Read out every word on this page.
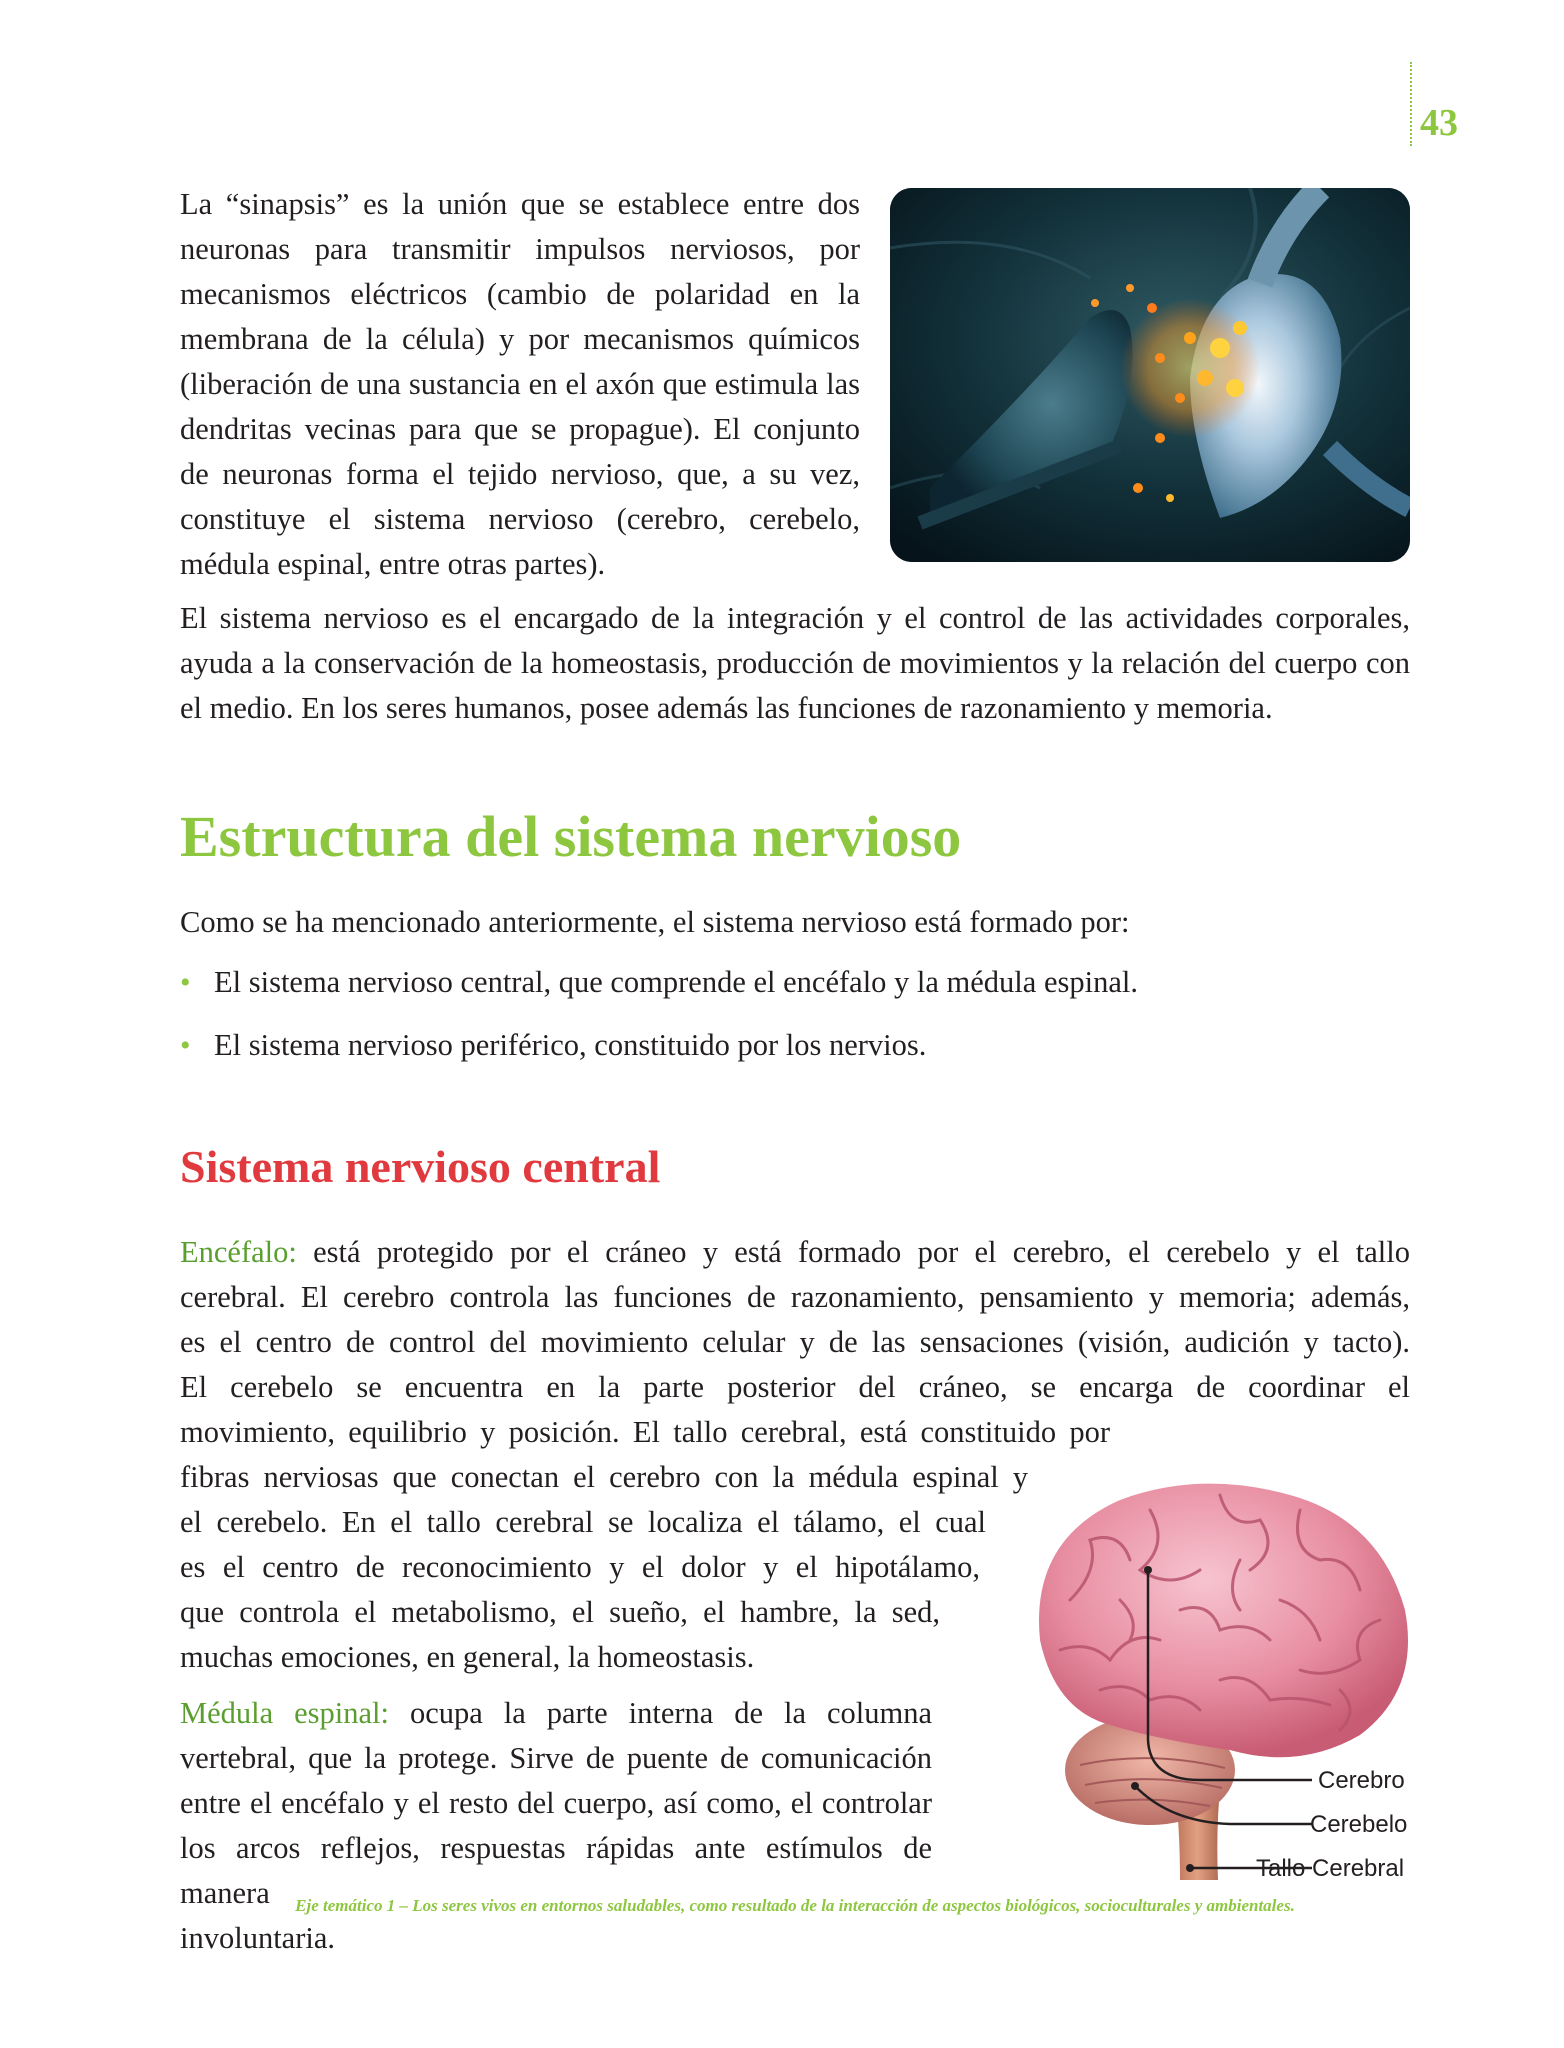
43

La “sinapsis” es la unión que se establece entre dos neuronas para transmitir impulsos nerviosos, por mecanismos eléctricos (cambio de polaridad en la membrana de la célula) y por mecanismos químicos (liberación de una sustancia en el axón que estimula las dendritas vecinas para que se propague). El conjunto de neuronas forma el tejido nervioso, que, a su vez, constituye el sistema nervioso (cerebro, cerebelo, médula espinal, entre otras partes).

El sistema nervioso es el encargado de la integración y el control de las actividades corporales, ayuda a la conservación de la homeostasis, producción de movimientos y la relación del cuerpo con el medio. En los seres humanos, posee además las funciones de razonamiento y memoria.

Estructura del sistema nervioso

Como se ha mencionado anteriormente, el sistema nervioso está formado por:

• El sistema nervioso central, que comprende el encéfalo y la médula espinal.
• El sistema nervioso periférico, constituido por los nervios.
Sistema nervioso central
Encéfalo: está protegido por el cráneo y está formado por el cerebro, el cerebelo y el tallo
cerebral. El cerebro controla las funciones de razonamiento, pensamiento y memoria; además,
es el centro de control del movimiento celular y de las sensaciones (visión, audición y tacto).
El cerebelo se encuentra en la parte posterior del cráneo, se encarga de coordinar el
movimiento, equilibrio y posición. El tallo cerebral, está constituido por
fibras nerviosas que conectan el cerebro con la médula espinal y
el cerebelo. En el tallo cerebral se localiza el tálamo, el cual
es el centro de reconocimiento y el dolor y el hipotálamo,
que controla el metabolismo, el sueño, el hambre, la sed,
muchas emociones, en general, la homeostasis.
Médula espinal: ocupa la parte interna de la columna
vertebral, que la protege. Sirve de puente de comunicación
entre el encéfalo y el resto del cuerpo, así como, el controlar
los arcos reflejos, respuestas rápidas ante estímulos de manera
involuntaria.
Cerebro
Cerebelo
Tallo Cerebral
Eje temático 1 – Los seres vivos en entornos saludables, como resultado de la interacción de aspectos biológicos, socioculturales y ambientales.
